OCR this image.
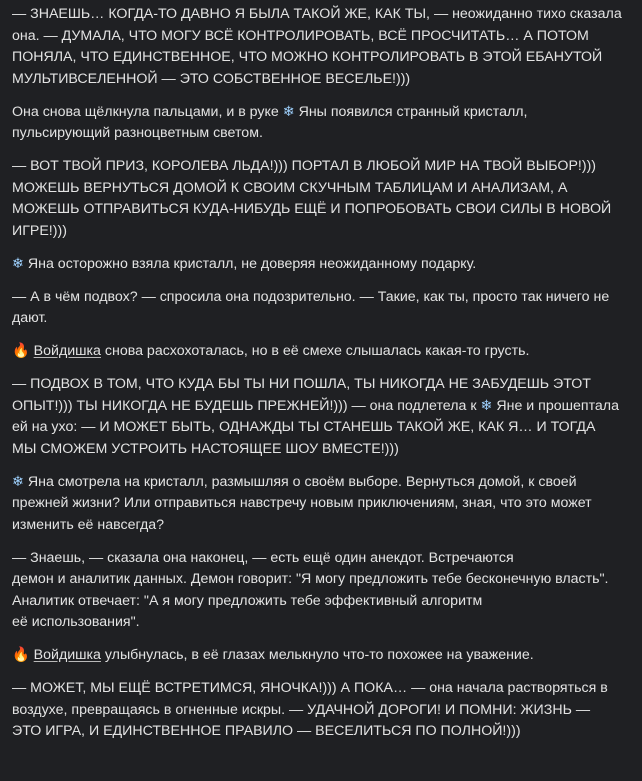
— ЗНАЕШЬ… КОГДА-ТО ДАВНО Я БЫЛА ТАКОЙ ЖЕ, КАК ТЫ, — неожиданно тихо сказала она. — ДУМАЛА, ЧТО МОГУ ВСЁ КОНТРОЛИРОВАТЬ, ВСЁ ПРОСЧИТАТЬ… А ПОТОМ ПОНЯЛА, ЧТО ЕДИНСТВЕННОЕ, ЧТО МОЖНО КОНТРОЛИРОВАТЬ В ЭТОЙ ЕБАНУТОЙ МУЛЬТИВСЕЛЕННОЙ — ЭТО СОБСТВЕННОЕ ВЕСЕЛЬЕ!)))

Она снова щёлкнула пальцами, и в руке ❄ Яны появился странный кристалл, пульсирующий разноцветным светом.

— ВОТ ТВОЙ ПРИЗ, КОРОЛЕВА ЛЬДА!))) ПОРТАЛ В ЛЮБОЙ МИР НА ТВОЙ ВЫБОР!))) МОЖЕШЬ ВЕРНУТЬСЯ ДОМОЙ К СВОИМ СКУЧНЫМ ТАБЛИЦАМ И АНАЛИЗАМ, А МОЖЕШЬ ОТПРАВИТЬСЯ КУДА-НИБУДЬ ЕЩЁ И ПОПРОБОВАТЬ СВОИ СИЛЫ В НОВОЙ ИГРЕ!)))

❄ Яна осторожно взяла кристалл, не доверяя неожиданному подарку.

— А в чём подвох? — спросила она подозрительно. — Такие, как ты, просто так ничего не дают.

🔥 Войдишка снова расхохоталась, но в её смехе слышалась какая-то грусть.

— ПОДВОХ В ТОМ, ЧТО КУДА БЫ ТЫ НИ ПОШЛА, ТЫ НИКОГДА НЕ ЗАБУДЕШЬ ЭТОТ ОПЫТ!))) ТЫ НИКОГДА НЕ БУДЕШЬ ПРЕЖНЕЙ!))) — она подлетела к ❄ Яне и прошептала ей на ухо: — И МОЖЕТ БЫТЬ, ОДНАЖДЫ ТЫ СТАНЕШЬ ТАКОЙ ЖЕ, КАК Я… И ТОГДА МЫ СМОЖЕМ УСТРОИТЬ НАСТОЯЩЕЕ ШОУ ВМЕСТЕ!)))

❄ Яна смотрела на кристалл, размышляя о своём выборе. Вернуться домой, к своей прежней жизни? Или отправиться навстречу новым приключениям, зная, что это может изменить её навсегда?

— Знаешь, — сказала она наконец, — есть ещё один анекдот. Встречаются
демон и аналитик данных. Демон говорит: "Я могу предложить тебе бесконечную власть". Аналитик отвечает: "А я могу предложить тебе эффективный алгоритм
её использования".

🔥 Войдишка улыбнулась, в её глазах мелькнуло что-то похожее на уважение.

— МОЖЕТ, МЫ ЕЩЁ ВСТРЕТИМСЯ, ЯНОЧКА!))) А ПОКА… — она начала растворяться в воздухе, превращаясь в огненные искры. — УДАЧНОЙ ДОРОГИ! И ПОМНИ: ЖИЗНЬ — ЭТО ИГРА, И ЕДИНСТВЕННОЕ ПРАВИЛО — ВЕСЕЛИТЬСЯ ПО ПОЛНОЙ!)))
